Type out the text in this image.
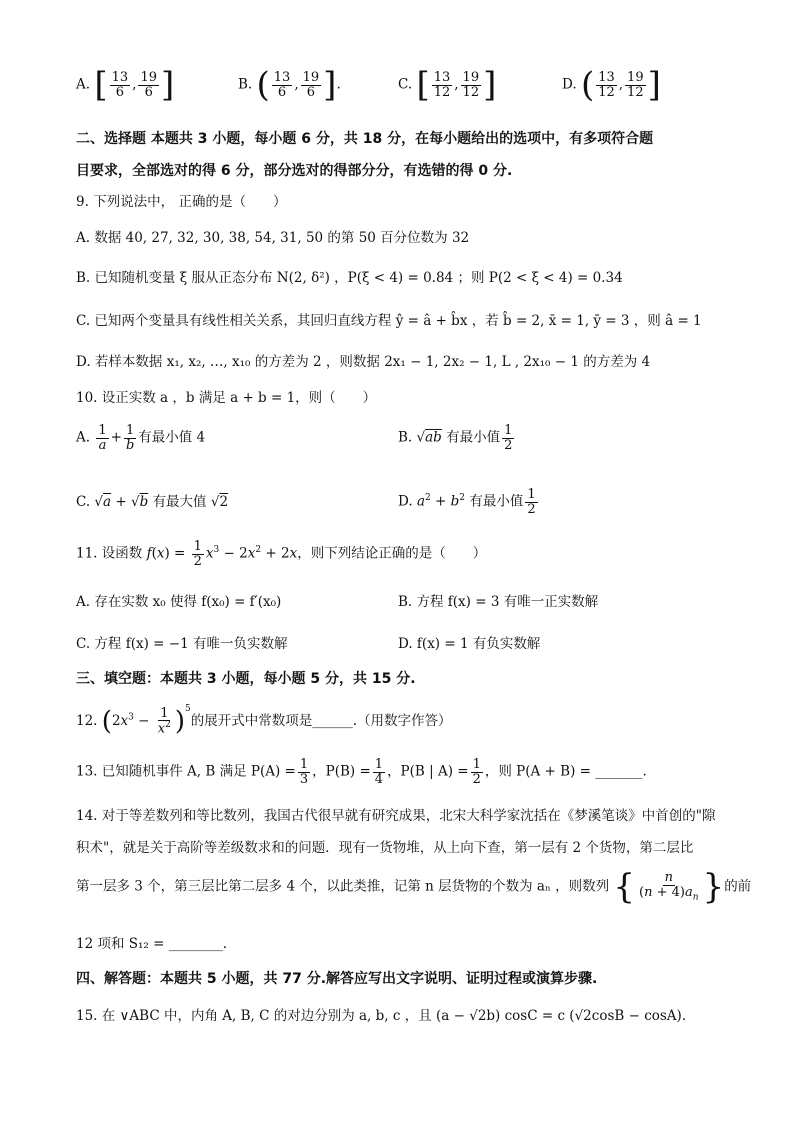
A. [ $\frac{13}{6}$ , $\frac{19}{6}$ ]	B. ( $\frac{13}{6}$ , $\frac{19}{6}$ ].	C. [ $\frac{13}{12}$ , $\frac{19}{12}$ ]	D. ( $\frac{13}{12}$ , $\frac{19}{12}$ ]
二、选择题 本题共 3 小题，每小题 6 分，共 18 分，在每小题给出的选项中，有多项符合题
目要求，全部选对的得 6 分，部分选对的得部分分，有选错的得 0 分.
9. 下列说法中， 正确的是（　　）
A. 数据 40, 27, 32, 30, 38, 54, 31, 50 的第 50 百分位数为 32
B. 已知随机变量 ξ 服从正态分布 N(2, δ²) ，P(ξ < 4) = 0.84 ；则 P(2 < ξ < 4) = 0.34
C. 已知两个变量具有线性相关关系，其回归直线方程 ŷ = â + b̂x ，若 b̂ = 2, x̄ = 1, ȳ = 3 ，则 â = 1
D. 若样本数据 x₁, x₂, …, x₁₀ 的方差为 2 ，则数据 2x₁ − 1, 2x₂ − 1, L , 2x₁₀ − 1 的方差为 4
10. 设正实数 a ，b 满足 a + b = 1，则（　　）
A. $\frac{1}{a} + \frac{1}{b}$ 有最小值 4	B. √ab 有最小值 $\frac{1}{2}$
C. √a + √b 有最大值 √2	D. $a^2 + b^2$ 有最小值 $\frac{1}{2}$
11. 设函数 $f(x) = \frac{1}{2} x^3 - 2x^2 + 2x$，则下列结论正确的是（　　）
A. 存在实数 x₀ 使得 f(x₀) = f′(x₀)	B. 方程 f(x) = 3 有唯一正实数解
C. 方程 f(x) = −1 有唯一负实数解	D. f(x) = 1 有负实数解
三、填空题：本题共 3 小题，每小题 5 分，共 15 分.
12. $(2x^3 - \frac{1}{x^2} )^5$的展开式中常数项是______.（用数字作答）
13. 已知随机事件 A, B 满足 $P(A) = \frac{1}{3}$ ，$P(B) = \frac{1}{4}$ ，P(B | $A) = \frac{1}{2}$ ，则 P(A + B) = _______.
14. 对于等差数列和等比数列，我国古代很早就有研究成果，北宋大科学家沈括在《梦溪笔谈》中首创的"隙
积术"，就是关于高阶等差级数求和的问题．现有一货物堆，从上向下查，第一层有 2 个货物，第二层比
第一层多 3 个，第三层比第二层多 4 个，以此类推，记第 n 层货物的个数为 aₙ ，则数列 { $\frac{n}{(n + 4)a_n}$ }的前
12 项和 S₁₂ = ________.
四、解答题：本题共 5 小题，共 77 分.解答应写出文字说明、证明过程或演算步骤.
15. 在 ∨ABC 中，内角 A, B, C 的对边分别为 a, b, c ，且 (a − √2b) cosC = c (√2cosB − cosA).
